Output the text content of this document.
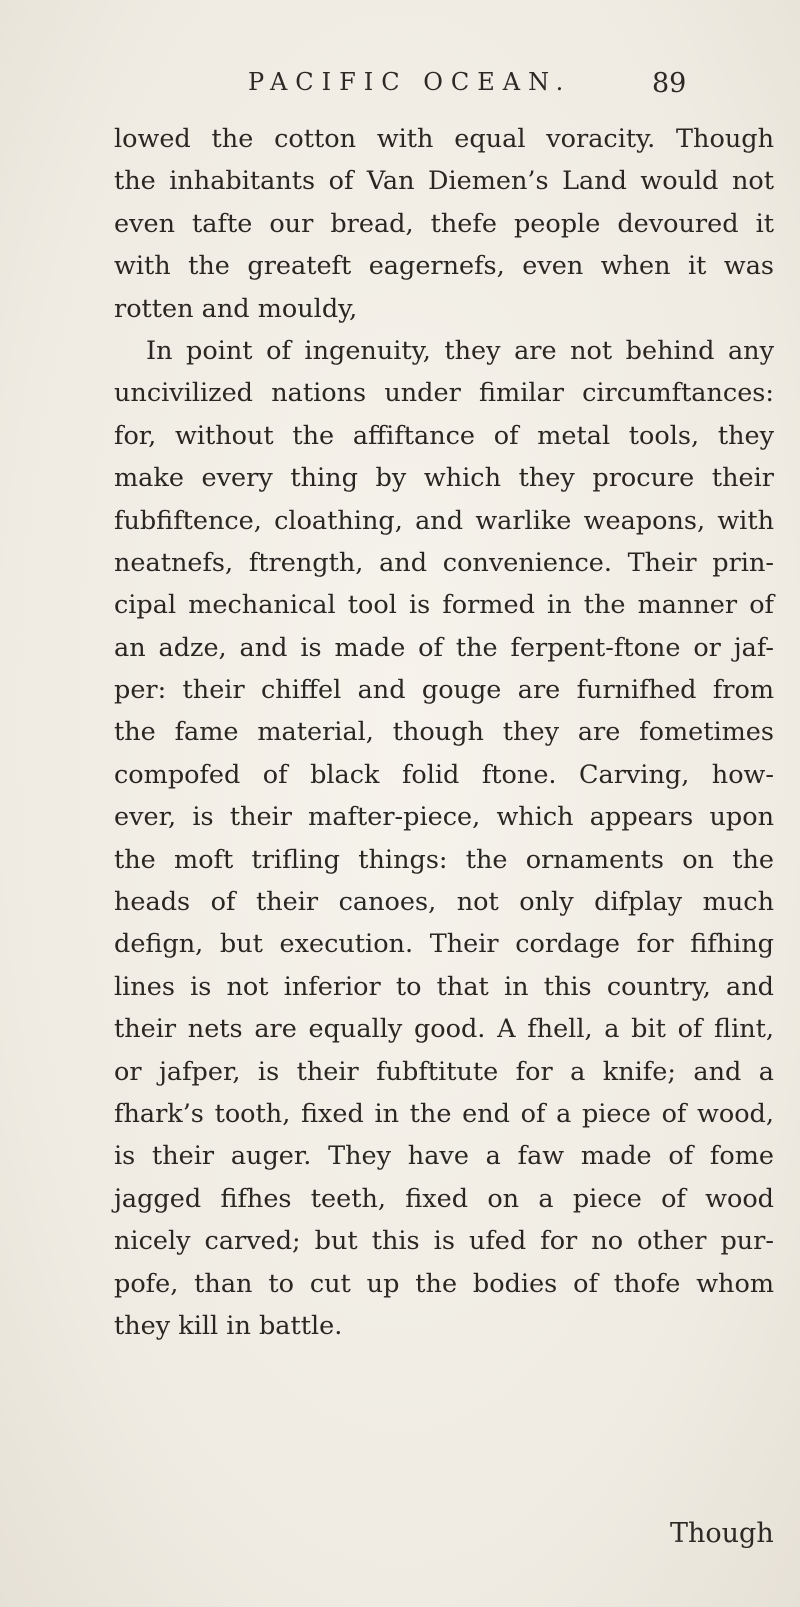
PACIFIC OCEAN.	89
lowed the cotton with equal voracity. Though
the inhabitants of Van Diemen’s Land would not
even tafte our bread, thefe people devoured it
with the greateft eagernefs, even when it was
rotten and mouldy,
In point of ingenuity, they are not behind any
uncivilized nations under fimilar circumftances:
for, without the affiftance of metal tools, they
make every thing by which they procure their
fubfiftence, cloathing, and warlike weapons, with
neatnefs, ftrength, and convenience. Their prin-
cipal mechanical tool is formed in the manner of
an adze, and is made of the ferpent-ftone or jaf-
per: their chiffel and gouge are furnifhed from
the fame material, though they are fometimes
compofed of black folid ftone. Carving, how-
ever, is their mafter-piece, which appears upon
the moft trifling things: the ornaments on the
heads of their canoes, not only difplay much
defign, but execution. Their cordage for fifhing
lines is not inferior to that in this country, and
their nets are equally good. A fhell, a bit of flint,
or jafper, is their fubftitute for a knife; and a
fhark’s tooth, fixed in the end of a piece of wood,
is their auger. They have a faw made of fome
jagged fifhes teeth, fixed on a piece of wood
nicely carved; but this is ufed for no other pur-
pofe, than to cut up the bodies of thofe whom
they kill in battle.
Though
